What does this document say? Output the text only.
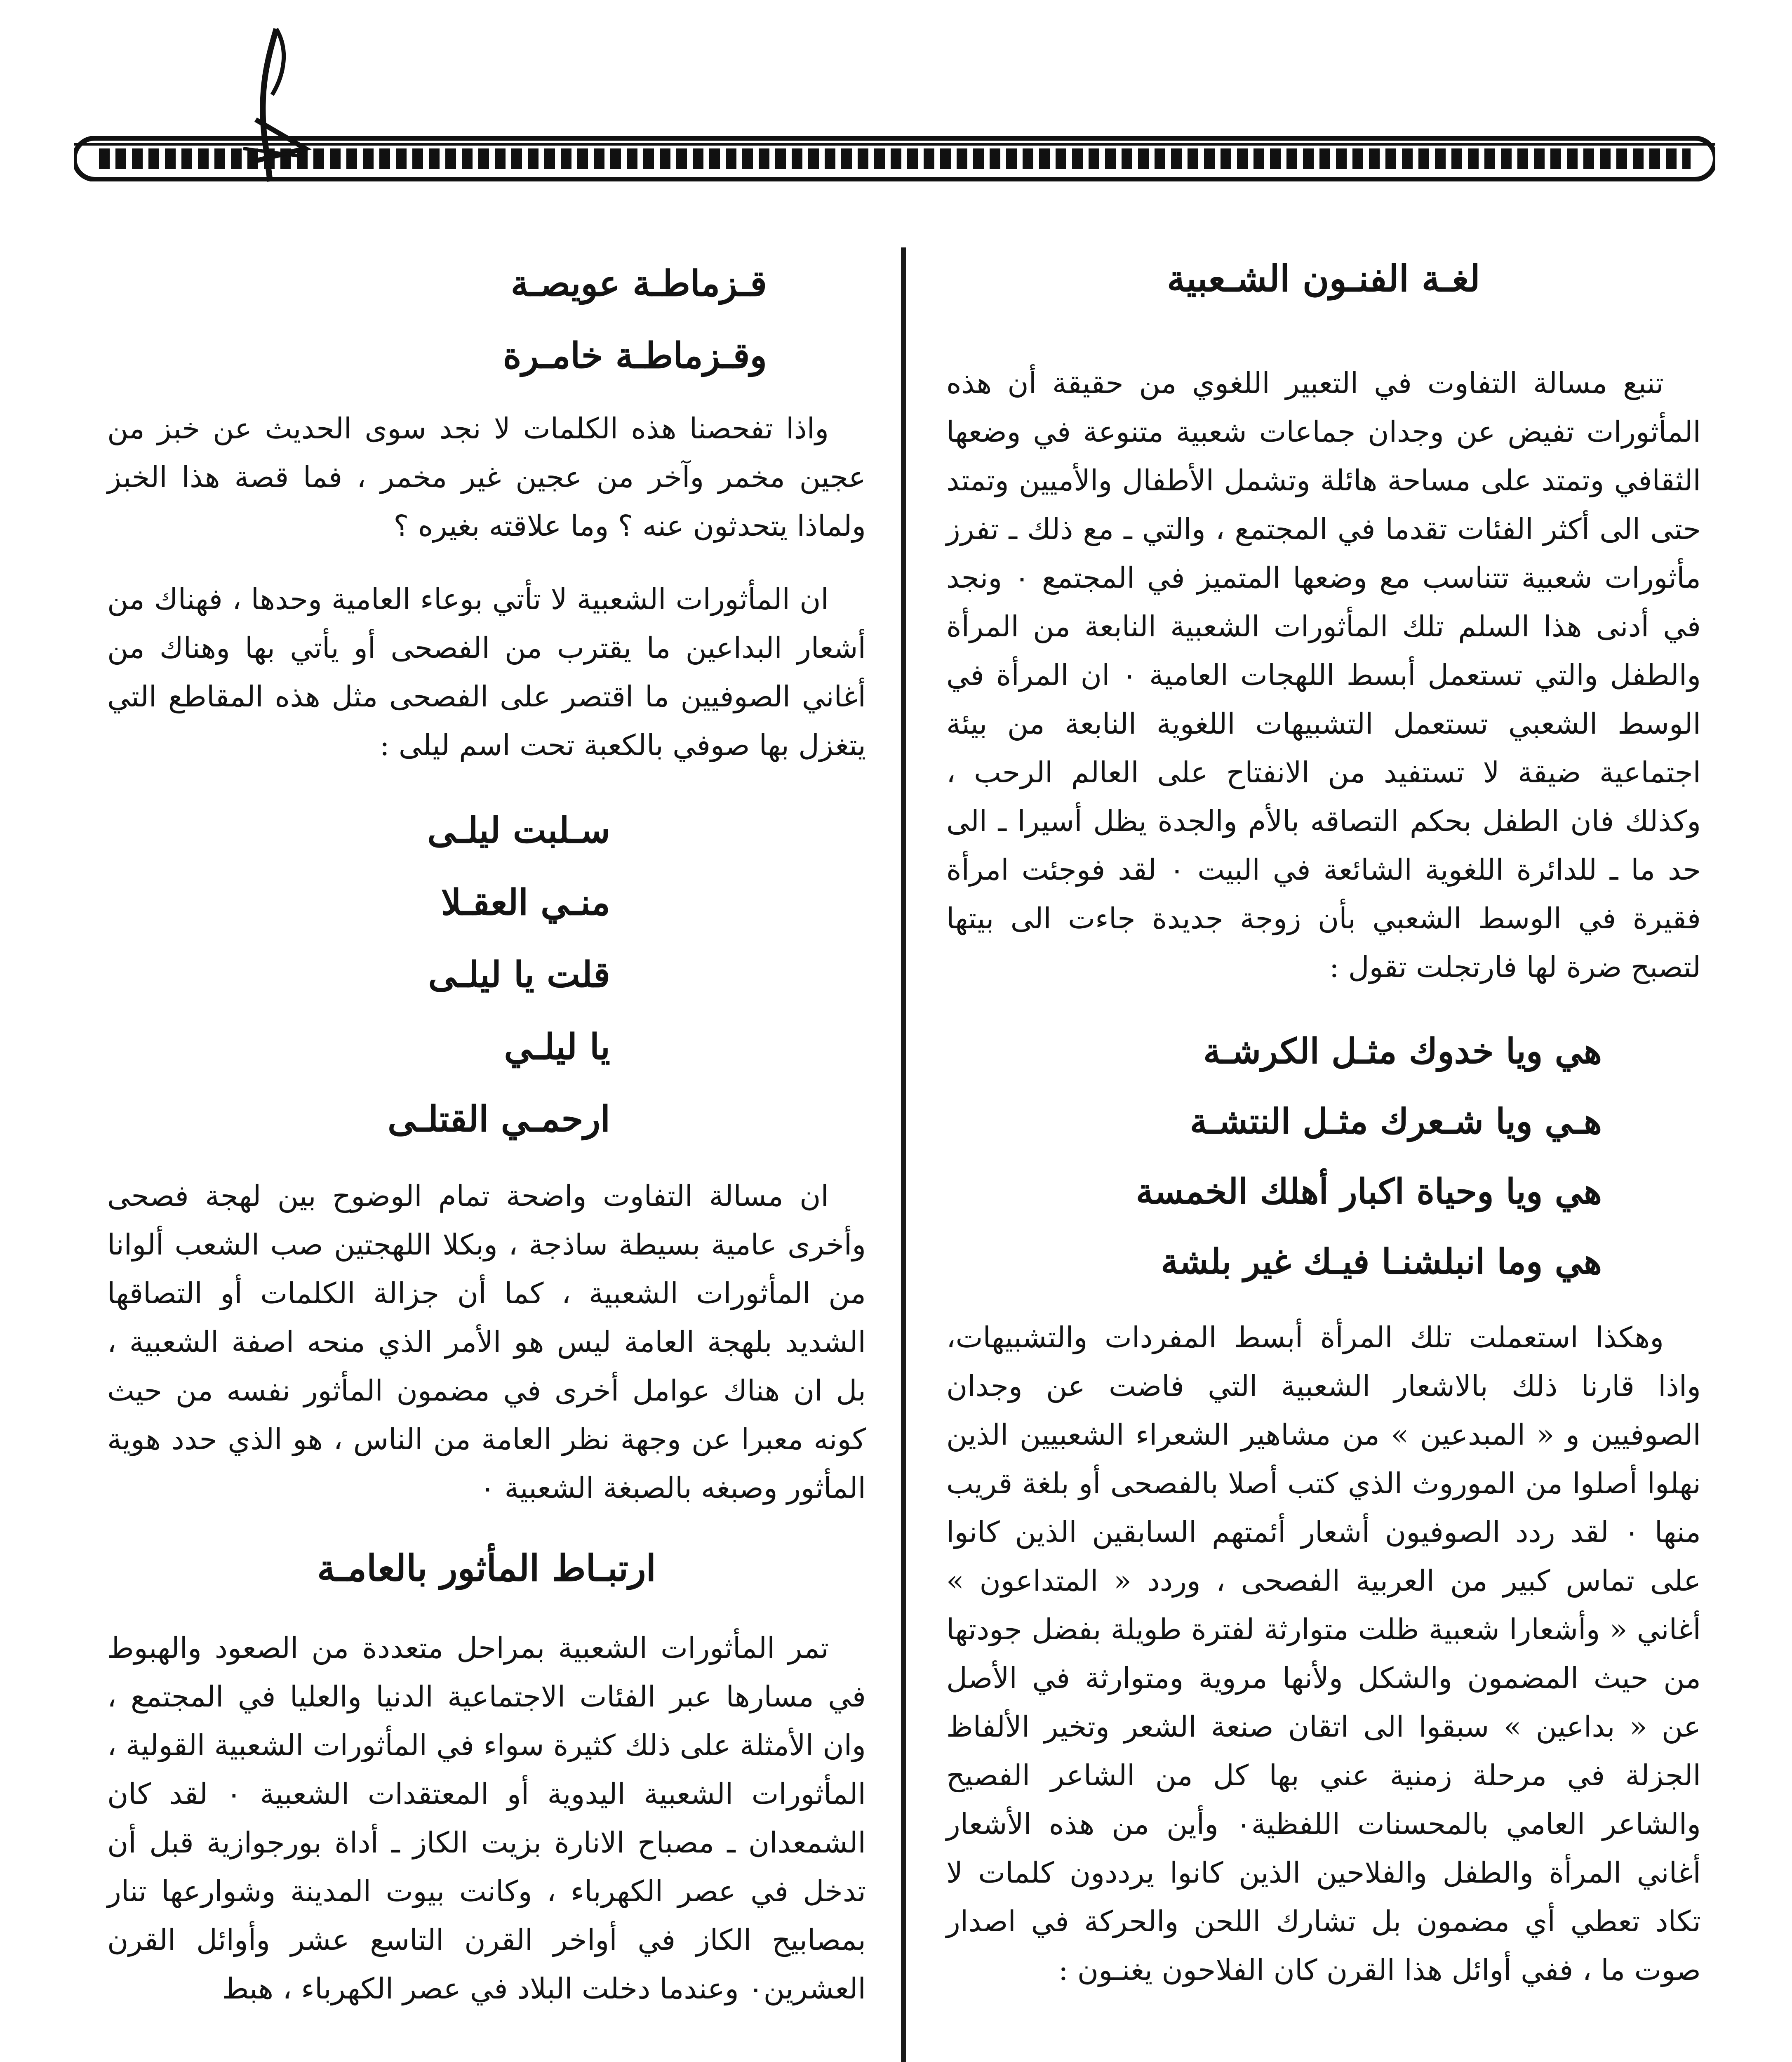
لغـة الفنـون الشـعبية

تنبع مسالة التفاوت في التعبير اللغوي من حقيقة أن هذه المأثورات تفيض عن وجدان جماعات شعبية متنوعة في وضعها الثقافي وتمتد على مساحة هائلة وتشمل الأطفال والأميين وتمتد حتى الى أكثر الفئات تقدما في المجتمع ، والتي ـ مع ذلك ـ تفرز مأثورات شعبية تتناسب مع وضعها المتميز في المجتمع ٠ ونجد في أدنى هذا السلم تلك المأثورات الشعبية النابعة من المرأة والطفل والتي تستعمل أبسط اللهجات العامية ٠ ان المرأة في الوسط الشعبي تستعمل التشبيهات اللغوية النابعة من بيئة اجتماعية ضيقة لا تستفيد من الانفتاح على العالم الرحب ، وكذلك فان الطفل بحكم التصاقه بالأم والجدة يظل أسيرا ـ الى حد ما ـ للدائرة اللغوية الشائعة في البيت ٠ لقد فوجئت امرأة فقيرة في الوسط الشعبي بأن زوجة جديدة جاءت الى بيتها لتصبح ضرة لها فارتجلت تقول :

هي ويا خدوك مثـل الكرشـة
هـي ويا شـعرك مثـل النتشـة
هي ويا وحياة اكبار أهلك الخمسة
هي وما انبلشنـا فيـك غير بلشة

وهكذا استعملت تلك المرأة أبسط المفردات والتشبيهات، واذا قارنا ذلك بالاشعار الشعبية التي فاضت عن وجدان الصوفيين و « المبدعين » من مشاهير الشعراء الشعبيين الذين نهلوا أصلوا من الموروث الذي كتب أصلا بالفصحى أو بلغة قريب منها ٠ لقد ردد الصوفيون أشعار أئمتهم السابقين الذين كانوا على تماس كبير من العربية الفصحى ، وردد « المتداعون » أغاني « وأشعارا شعبية ظلت متوارثة لفترة طويلة بفضل جودتها من حيث المضمون والشكل ولأنها مروية ومتوارثة في الأصل عن « بداعين » سبقوا الى اتقان صنعة الشعر وتخير الألفاظ الجزلة في مرحلة زمنية عني بها كل من الشاعر الفصيح والشاعر العامي بالمحسنات اللفظية٠ وأين من هذه الأشعار أغاني المرأة والطفل والفلاحين الذين كانوا يرددون كلمات لا تكاد تعطي أي مضمون بل تشارك اللحن والحركة في اصدار صوت ما ، ففي أوائل هذا القرن كان الفلاحون يغنـون :

قـزماطـة عويصـة
وقـزماطـة خامـرة

واذا تفحصنا هذه الكلمات لا نجد سوى الحديث عن خبز من عجين مخمر وآخر من عجين غير مخمر ، فما قصة هذا الخبز ولماذا يتحدثون عنه ؟ وما علاقته بغيره ؟

ان المأثورات الشعبية لا تأتي بوعاء العامية وحدها ، فهناك من أشعار البداعين ما يقترب من الفصحى أو يأتي بها وهناك من أغاني الصوفيين ما اقتصر على الفصحى مثل هذه المقاطع التي يتغزل بها صوفي بالكعبة تحت اسم ليلى :

سـلبت ليلـى
منـي العقـلا
قلت يا ليلـى
يا ليلـي
ارحمـي القتلـى

ان مسالة التفاوت واضحة تمام الوضوح بين لهجة فصحى وأخرى عامية بسيطة ساذجة ، وبكلا اللهجتين صب الشعب ألوانا من المأثورات الشعبية ، كما أن جزالة الكلمات أو التصاقها الشديد بلهجة العامة ليس هو الأمر الذي منحه اصفة الشعبية ، بل ان هناك عوامل أخرى في مضمون المأثور نفسه من حيث كونه معبرا عن وجهة نظر العامة من الناس ، هو الذي حدد هوية المأثور وصبغه بالصبغة الشعبية ٠

ارتبـاط المأثور بالعامـة

تمر المأثورات الشعبية بمراحل متعددة من الصعود والهبوط في مسارها عبر الفئات الاجتماعية الدنيا والعليا في المجتمع ، وان الأمثلة على ذلك كثيرة سواء في المأثورات الشعبية القولية ، المأثورات الشعبية اليدوية أو المعتقدات الشعبية ٠ لقد كان الشمعدان ـ مصباح الانارة بزيت الكاز ـ أداة بورجوازية قبل أن تدخل في عصر الكهرباء ، وكانت بيوت المدينة وشوارعها تنار بمصابيح الكاز في أواخر القرن التاسع عشر وأوائل القرن العشرين٠ وعندما دخلت البلاد في عصر الكهرباء ، هبط
